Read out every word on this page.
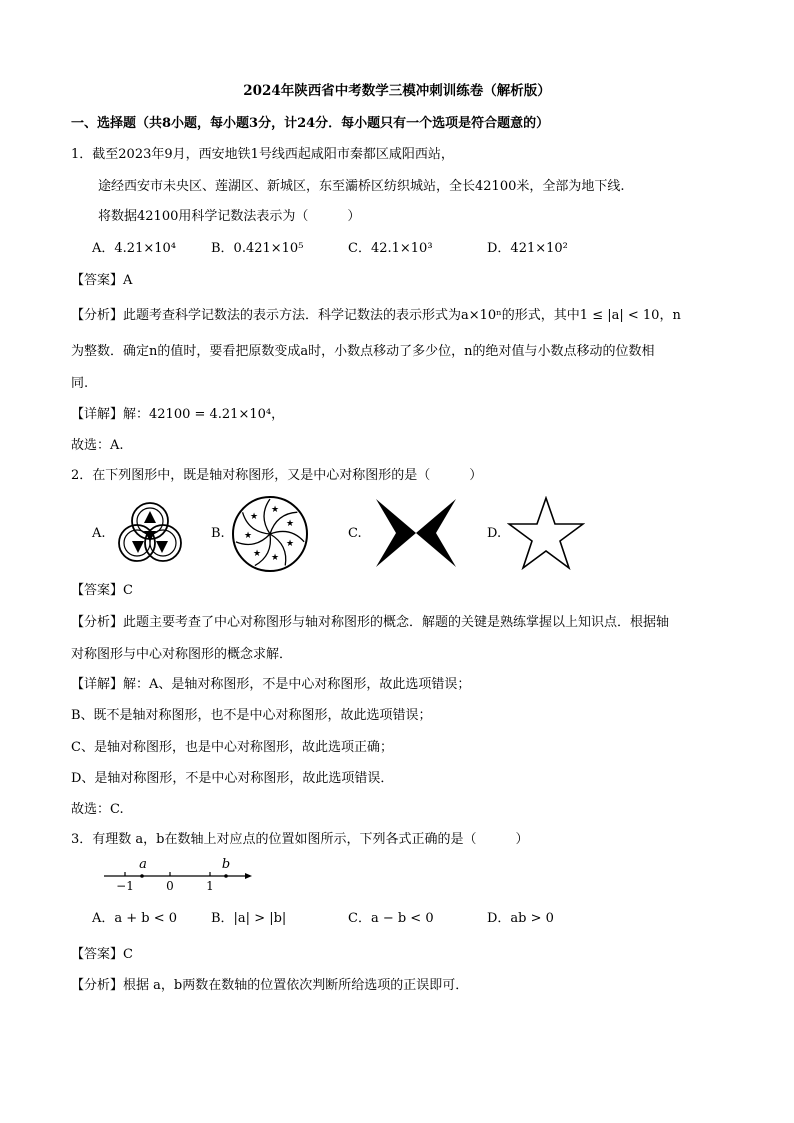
2024年陕西省中考数学三模冲刺训练卷（解析版）
一、选择题（共8小题，每小题3分，计24分．每小题只有一个选项是符合题意的）
1．截至2023年9月，西安地铁1号线西起咸阳市秦都区咸阳西站，
途经西安市未央区、莲湖区、新城区，东至灞桥区纺织城站，全长42100米，全部为地下线.
将数据42100用科学记数法表示为（　　　）
A．4.21×10⁴	B．0.421×10⁵	C．42.1×10³	D．421×10²
【答案】A
【分析】此题考查科学记数法的表示方法．科学记数法的表示形式为a×10ⁿ的形式，其中1 ≤ |a| < 10，n
为整数．确定n的值时，要看把原数变成a时，小数点移动了多少位，n的绝对值与小数点移动的位数相
同.
【详解】解：42100 = 4.21×10⁴，
故选：A.
2．在下列图形中，既是轴对称图形，又是中心对称图形的是（　　　）
A.	B.
★
★
★
★
★
★
★
C.	D.
【答案】C
【分析】此题主要考查了中心对称图形与轴对称图形的概念．解题的关键是熟练掌握以上知识点．根据轴
对称图形与中心对称图形的概念求解．
【详解】解：A、是轴对称图形，不是中心对称图形，故此选项错误；
B、既不是轴对称图形，也不是中心对称图形，故此选项错误；
C、是轴对称图形，也是中心对称图形，故此选项正确；
D、是轴对称图形，不是中心对称图形，故此选项错误．
故选：C.
3．有理数 a，b在数轴上对应点的位置如图所示，下列各式正确的是（　　　）
a	b
−1	0	1
A．a + b < 0	B．|a| > |b|	C．a − b < 0	D．ab > 0
【答案】C
【分析】根据 a，b两数在数轴的位置依次判断所给选项的正误即可．
